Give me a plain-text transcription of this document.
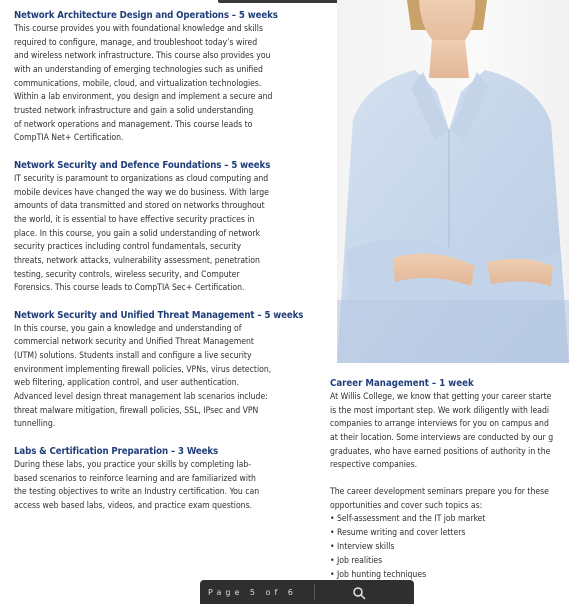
Network Architecture Design and Operations – 5 weeks

This course provides you with foundational knowledge and skills
required to configure, manage, and troubleshoot today’s wired
and wireless network infrastructure. This course also provides you
with an understanding of emerging technologies such as unified
communications, mobile, cloud, and virtualization technologies.
Within a lab environment, you design and implement a secure and
trusted network infrastructure and gain a solid understanding
of network operations and management. This course leads to
CompTIA Net+ Certification.

Network Security and Defence Foundations – 5 weeks

IT security is paramount to organizations as cloud computing and
mobile devices have changed the way we do business. With large
amounts of data transmitted and stored on networks throughout
the world, it is essential to have effective security practices in
place. In this course, you gain a solid understanding of network
security practices including control fundamentals, security
threats, network attacks, vulnerability assessment, penetration
testing, security controls, wireless security, and Computer
Forensics. This course leads to CompTIA Sec+ Certification.

Network Security and Unified Threat Management – 5 weeks

In this course, you gain a knowledge and understanding of
commercial network security and Unified Threat Management
(UTM) solutions. Students install and configure a live security
environment implementing firewall policies, VPNs, virus detection,
web filtering, application control, and user authentication.
Advanced level design threat management lab scenarios include:
threat malware mitigation, firewall policies, SSL, IPsec and VPN
tunnelling.

Labs & Certification Preparation – 3 Weeks

During these labs, you practice your skills by completing lab-
based scenarios to reinforce learning and are familiarized with
the testing objectives to write an Industry certification. You can
access web based labs, videos, and practice exam questions.

Career Management – 1 week

At Willis College, we know that getting your career starte
is the most important step. We work diligently with leadi
companies to arrange interviews for you on campus and
at their location. Some interviews are conducted by our g
graduates, who have earned positions of authority in the
respective companies.

The career development seminars prepare you for these
opportunities and cover such topics as:

• Self-assessment and the IT job market
• Resume writing and cover letters
• Interview skills
• Job realities
• Job hunting techniques
Page 5 of 6
